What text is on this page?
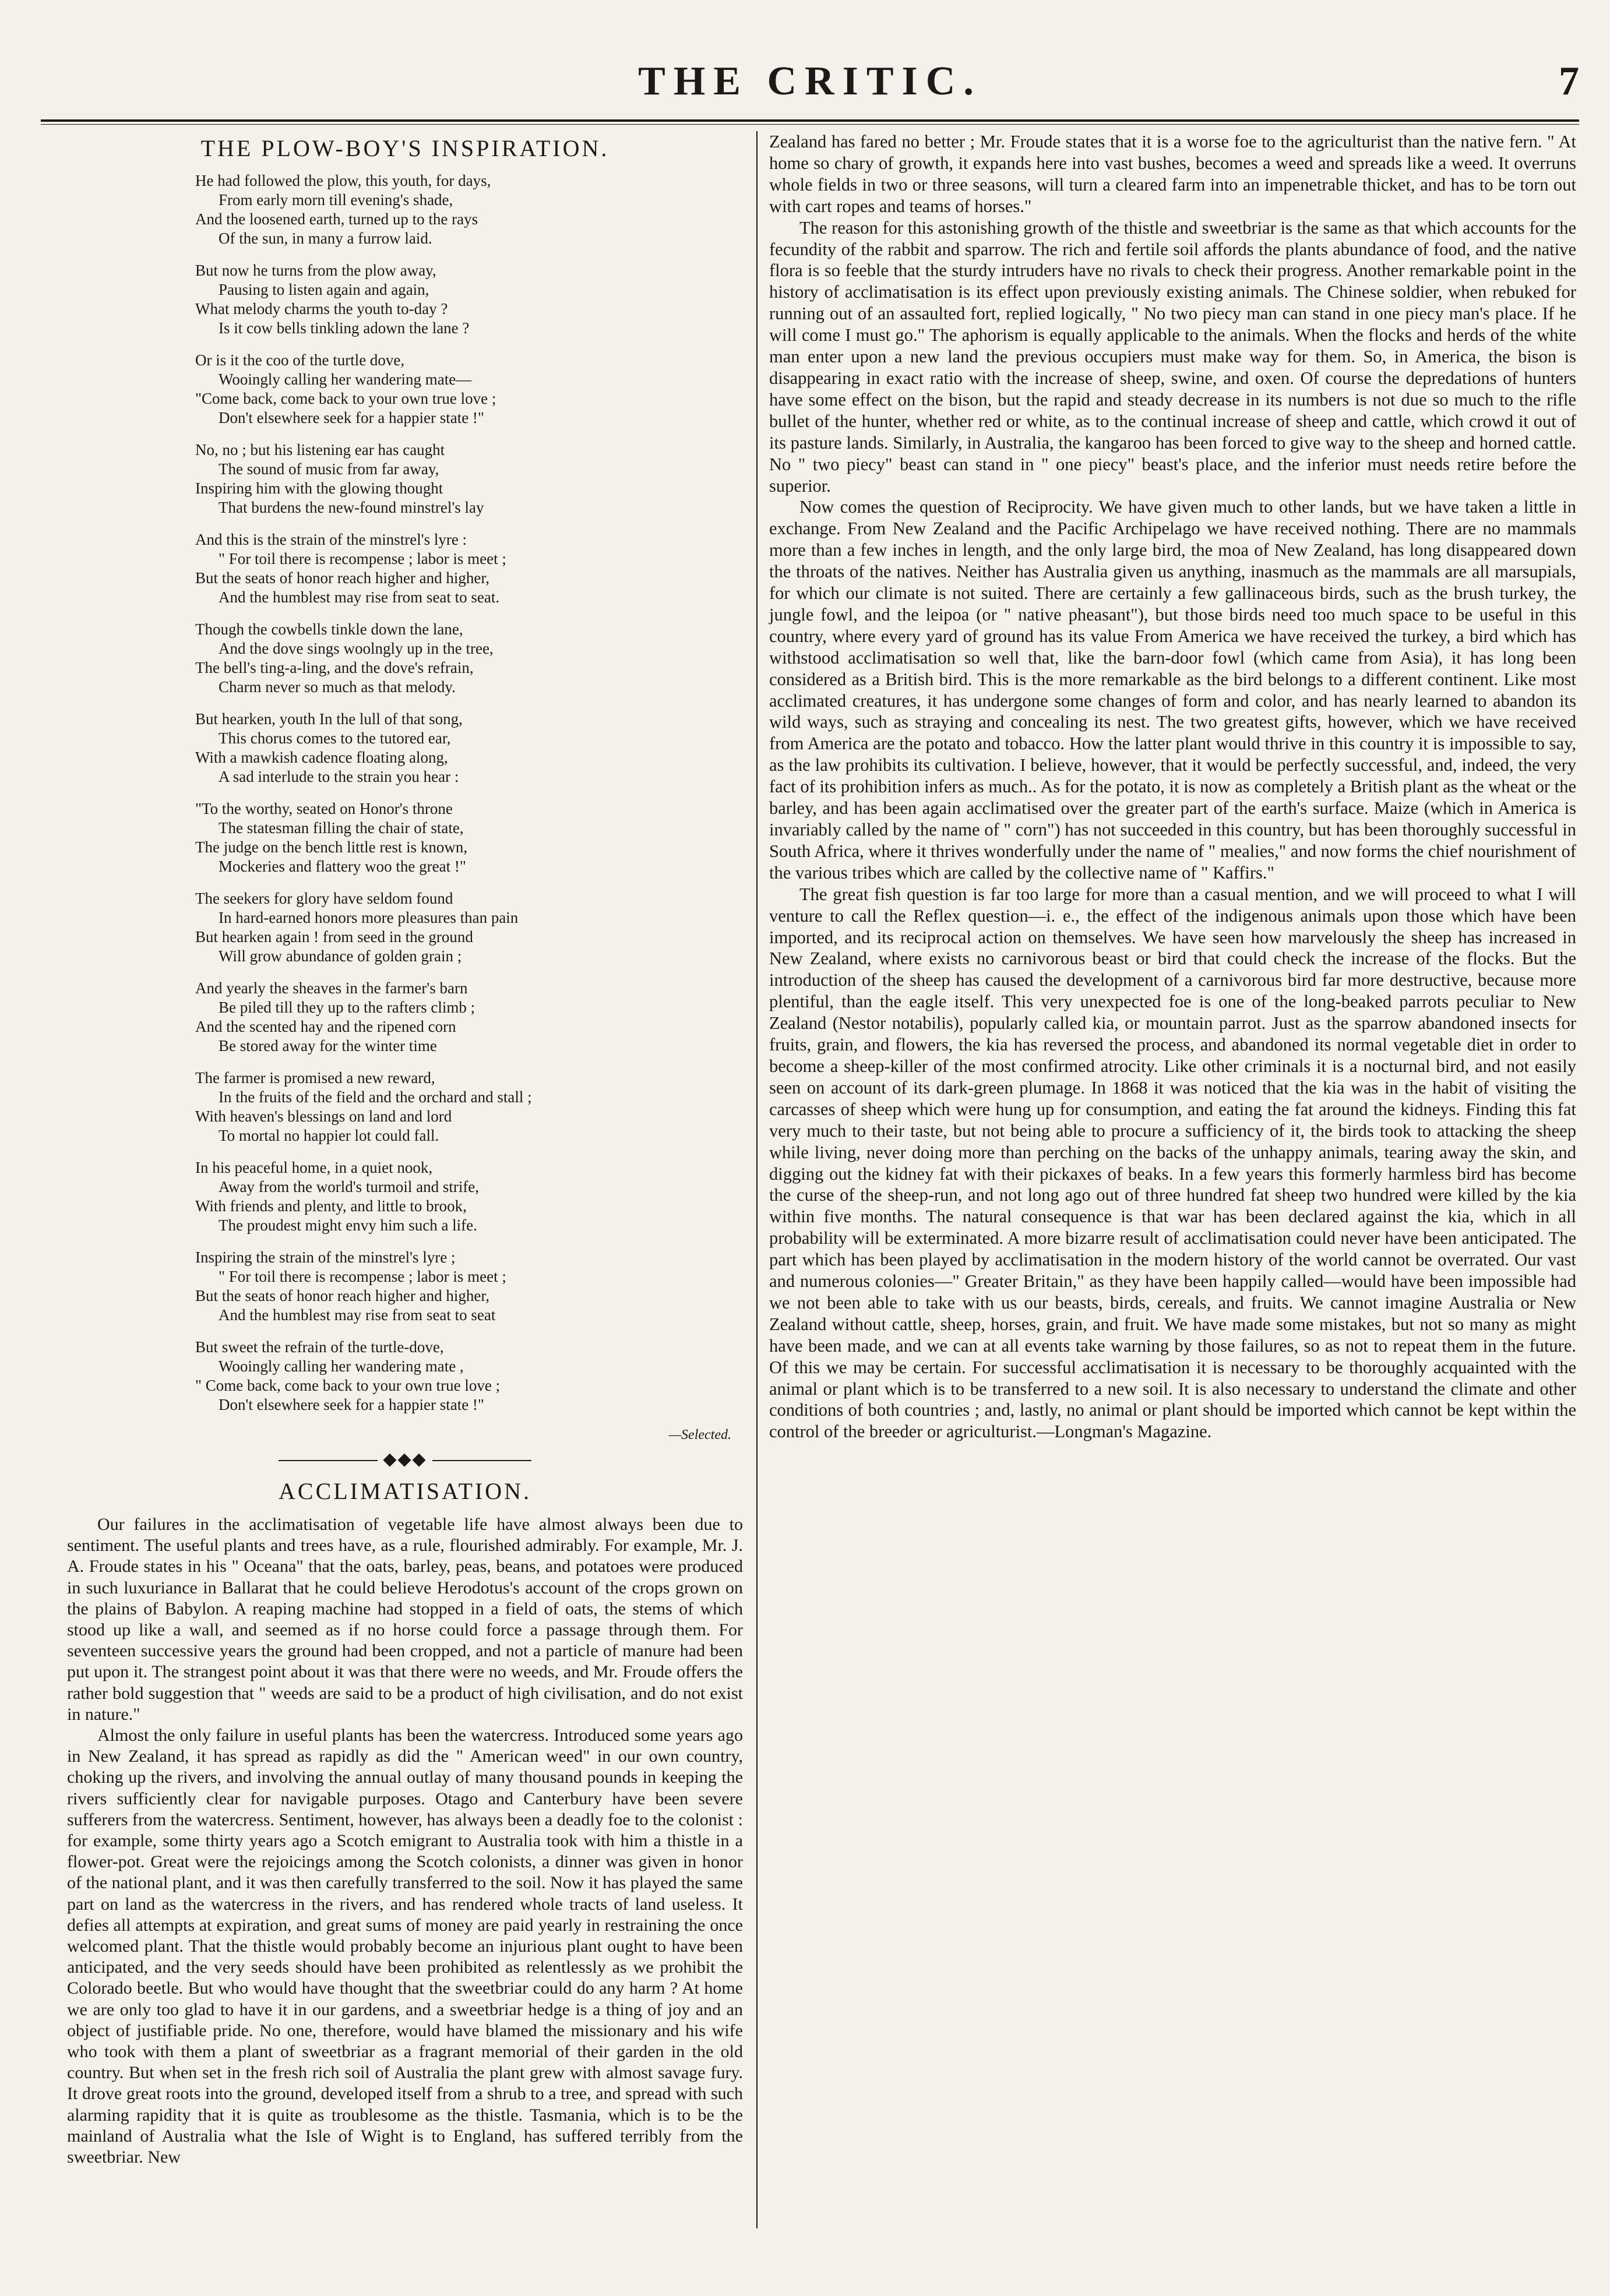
THE CRITIC.	7
THE PLOW-BOY'S INSPIRATION.
He had followed the plow, this youth, for days,
From early morn till evening's shade,
And the loosened earth, turned up to the rays
Of the sun, in many a furrow laid.
But now he turns from the plow away,
Pausing to listen again and again,
What melody charms the youth to-day ?
Is it cow bells tinkling adown the lane ?
Or is it the coo of the turtle dove,
Wooingly calling her wandering mate—
"Come back, come back to your own true love ;
Don't elsewhere seek for a happier state !"
No, no ; but his listening ear has caught
The sound of music from far away,
Inspiring him with the glowing thought
That burdens the new-found minstrel's lay
And this is the strain of the minstrel's lyre :
" For toil there is recompense ; labor is meet ;
But the seats of honor reach higher and higher,
And the humblest may rise from seat to seat.
Though the cowbells tinkle down the lane,
And the dove sings woolngly up in the tree,
The bell's ting-a-ling, and the dove's refrain,
Charm never so much as that melody.
But hearken, youth In the lull of that song,
This chorus comes to the tutored ear,
With a mawkish cadence floating along,
A sad interlude to the strain you hear :
"To the worthy, seated on Honor's throne
The statesman filling the chair of state,
The judge on the bench little rest is known,
Mockeries and flattery woo the great !"
The seekers for glory have seldom found
In hard-earned honors more pleasures than pain
But hearken again ! from seed in the ground
Will grow abundance of golden grain ;
And yearly the sheaves in the farmer's barn
Be piled till they up to the rafters climb ;
And the scented hay and the ripened corn
Be stored away for the winter time
The farmer is promised a new reward,
In the fruits of the field and the orchard and stall ;
With heaven's blessings on land and lord
To mortal no happier lot could fall.
In his peaceful home, in a quiet nook,
Away from the world's turmoil and strife,
With friends and plenty, and little to brook,
The proudest might envy him such a life.
Inspiring the strain of the minstrel's lyre ;
" For toil there is recompense ; labor is meet ;
But the seats of honor reach higher and higher,
And the humblest may rise from seat to seat
But sweet the refrain of the turtle-dove,
Wooingly calling her wandering mate ,
" Come back, come back to your own true love ;
Don't elsewhere seek for a happier state !"
—Selected.
◆◆◆
ACCLIMATISATION.

Our failures in the acclimatisation of vegetable life have almost always been due to sentiment. The useful plants and trees have, as a rule, flourished admirably. For example, Mr. J. A. Froude states in his " Oceana" that the oats, barley, peas, beans, and potatoes were produced in such luxuriance in Ballarat that he could believe Herodotus's account of the crops grown on the plains of Babylon. A reaping machine had stopped in a field of oats, the stems of which stood up like a wall, and seemed as if no horse could force a passage through them. For seventeen successive years the ground had been cropped, and not a particle of manure had been put upon it. The strangest point about it was that there were no weeds, and Mr. Froude offers the rather bold suggestion that " weeds are said to be a product of high civilisation, and do not exist in nature."

Almost the only failure in useful plants has been the watercress. Introduced some years ago in New Zealand, it has spread as rapidly as did the " American weed" in our own country, choking up the rivers, and involving the annual outlay of many thousand pounds in keeping the rivers sufficiently clear for navigable purposes. Otago and Canterbury have been severe sufferers from the watercress. Sentiment, however, has always been a deadly foe to the colonist : for example, some thirty years ago a Scotch emigrant to Australia took with him a thistle in a flower-pot. Great were the rejoicings among the Scotch colonists, a dinner was given in honor of the national plant, and it was then carefully transferred to the soil. Now it has played the same part on land as the watercress in the rivers, and has rendered whole tracts of land useless. It defies all attempts at expiration, and great sums of money are paid yearly in restraining the once welcomed plant. That the thistle would probably become an injurious plant ought to have been anticipated, and the very seeds should have been prohibited as relentlessly as we prohibit the Colorado beetle. But who would have thought that the sweetbriar could do any harm ? At home we are only too glad to have it in our gardens, and a sweetbriar hedge is a thing of joy and an object of justifiable pride. No one, therefore, would have blamed the missionary and his wife who took with them a plant of sweetbriar as a fragrant memorial of their garden in the old country. But when set in the fresh rich soil of Australia the plant grew with almost savage fury. It drove great roots into the ground, developed itself from a shrub to a tree, and spread with such alarming rapidity that it is quite as troublesome as the thistle. Tasmania, which is to be the mainland of Australia what the Isle of Wight is to England, has suffered terribly from the sweetbriar. New

Zealand has fared no better ; Mr. Froude states that it is a worse foe to the agriculturist than the native fern. " At home so chary of growth, it expands here into vast bushes, becomes a weed and spreads like a weed. It overruns whole fields in two or three seasons, will turn a cleared farm into an impenetrable thicket, and has to be torn out with cart ropes and teams of horses."

The reason for this astonishing growth of the thistle and sweetbriar is the same as that which accounts for the fecundity of the rabbit and sparrow. The rich and fertile soil affords the plants abundance of food, and the native flora is so feeble that the sturdy intruders have no rivals to check their progress. Another remarkable point in the history of acclimatisation is its effect upon previously existing animals. The Chinese soldier, when rebuked for running out of an assaulted fort, replied logically, " No two piecy man can stand in one piecy man's place. If he will come I must go." The aphorism is equally applicable to the animals. When the flocks and herds of the white man enter upon a new land the previous occupiers must make way for them. So, in America, the bison is disappearing in exact ratio with the increase of sheep, swine, and oxen. Of course the depredations of hunters have some effect on the bison, but the rapid and steady decrease in its numbers is not due so much to the rifle bullet of the hunter, whether red or white, as to the continual increase of sheep and cattle, which crowd it out of its pasture lands. Similarly, in Australia, the kangaroo has been forced to give way to the sheep and horned cattle. No " two piecy" beast can stand in " one piecy" beast's place, and the inferior must needs retire before the superior.

Now comes the question of Reciprocity. We have given much to other lands, but we have taken a little in exchange. From New Zealand and the Pacific Archipelago we have received nothing. There are no mammals more than a few inches in length, and the only large bird, the moa of New Zealand, has long disappeared down the throats of the natives. Neither has Australia given us anything, inasmuch as the mammals are all marsupials, for which our climate is not suited. There are certainly a few gallinaceous birds, such as the brush turkey, the jungle fowl, and the leipoa (or " native pheasant"), but those birds need too much space to be useful in this country, where every yard of ground has its value From America we have received the turkey, a bird which has withstood acclimatisation so well that, like the barn-door fowl (which came from Asia), it has long been considered as a British bird. This is the more remarkable as the bird belongs to a different continent. Like most acclimated creatures, it has undergone some changes of form and color, and has nearly learned to abandon its wild ways, such as straying and concealing its nest. The two greatest gifts, however, which we have received from America are the potato and tobacco. How the latter plant would thrive in this country it is impossible to say, as the law prohibits its cultivation. I believe, however, that it would be perfectly successful, and, indeed, the very fact of its prohibition infers as much.. As for the potato, it is now as completely a British plant as the wheat or the barley, and has been again acclimatised over the greater part of the earth's surface. Maize (which in America is invariably called by the name of " corn") has not succeeded in this country, but has been thoroughly successful in South Africa, where it thrives wonderfully under the name of " mealies," and now forms the chief nourishment of the various tribes which are called by the collective name of " Kaffirs."

The great fish question is far too large for more than a casual mention, and we will proceed to what I will venture to call the Reflex question—i. e., the effect of the indigenous animals upon those which have been imported, and its reciprocal action on themselves. We have seen how marvelously the sheep has increased in New Zealand, where exists no carnivorous beast or bird that could check the increase of the flocks. But the introduction of the sheep has caused the development of a carnivorous bird far more destructive, because more plentiful, than the eagle itself. This very unexpected foe is one of the long-beaked parrots peculiar to New Zealand (Nestor notabilis), popularly called kia, or mountain parrot. Just as the sparrow abandoned insects for fruits, grain, and flowers, the kia has reversed the process, and abandoned its normal vegetable diet in order to become a sheep-killer of the most confirmed atrocity. Like other criminals it is a nocturnal bird, and not easily seen on account of its dark-green plumage. In 1868 it was noticed that the kia was in the habit of visiting the carcasses of sheep which were hung up for consumption, and eating the fat around the kidneys. Finding this fat very much to their taste, but not being able to procure a sufficiency of it, the birds took to attacking the sheep while living, never doing more than perching on the backs of the unhappy animals, tearing away the skin, and digging out the kidney fat with their pickaxes of beaks. In a few years this formerly harmless bird has become the curse of the sheep-run, and not long ago out of three hundred fat sheep two hundred were killed by the kia within five months. The natural consequence is that war has been declared against the kia, which in all probability will be exterminated. A more bizarre result of acclimatisation could never have been anticipated. The part which has been played by acclimatisation in the modern history of the world cannot be overrated. Our vast and numerous colonies—" Greater Britain," as they have been happily called—would have been impossible had we not been able to take with us our beasts, birds, cereals, and fruits. We cannot imagine Australia or New Zealand without cattle, sheep, horses, grain, and fruit. We have made some mistakes, but not so many as might have been made, and we can at all events take warning by those failures, so as not to repeat them in the future. Of this we may be certain. For successful acclimatisation it is necessary to be thoroughly acquainted with the animal or plant which is to be transferred to a new soil. It is also necessary to understand the climate and other conditions of both countries ; and, lastly, no animal or plant should be imported which cannot be kept within the control of the breeder or agriculturist.—Longman's Magazine.
